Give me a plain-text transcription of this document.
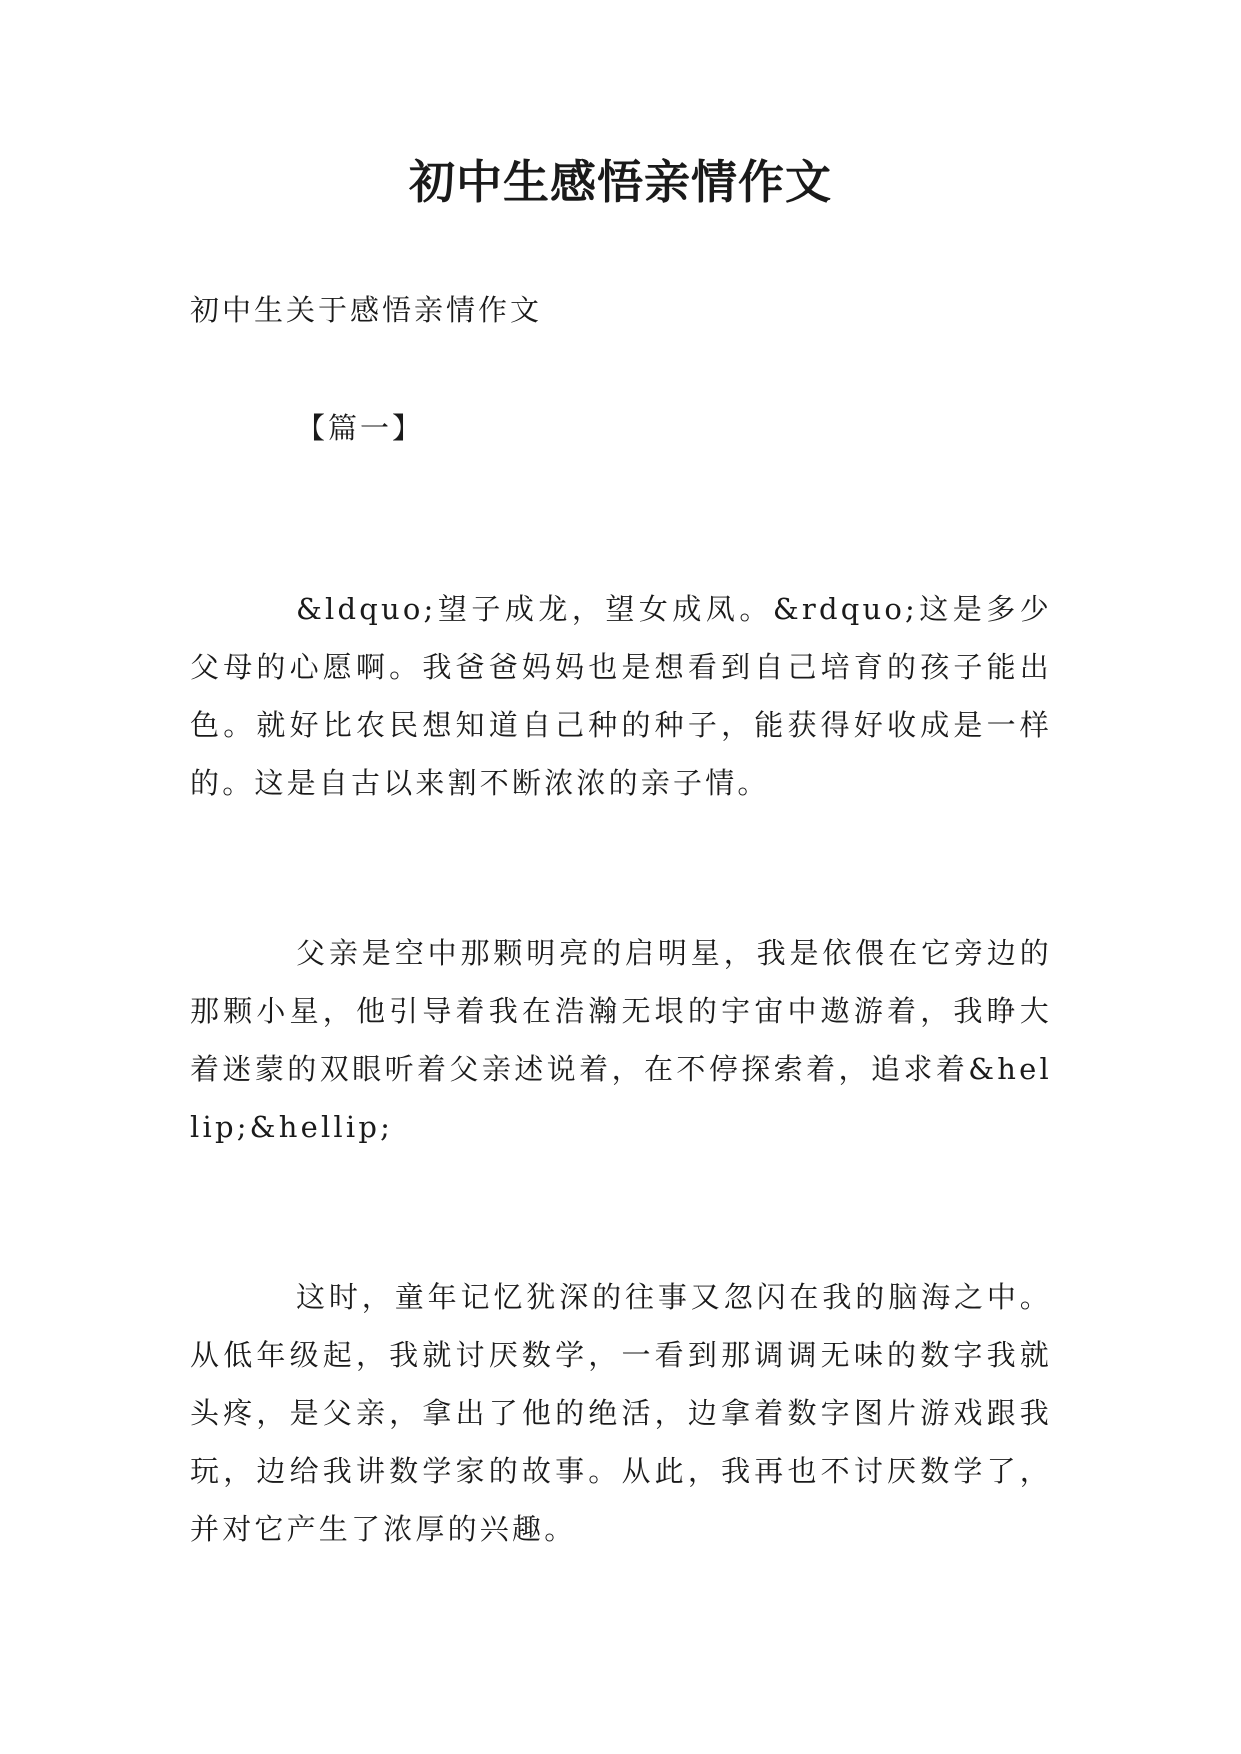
初中生感悟亲情作文

初中生关于感悟亲情作文

【篇一】

&ldquo;望子成龙，望女成凤。&rdquo;这是多少父母的心愿啊。我爸爸妈妈也是想看到自己培育的孩子能出色。就好比农民想知道自己种的种子，能获得好收成是一样的。这是自古以来割不断浓浓的亲子情。

父亲是空中那颗明亮的启明星，我是依偎在它旁边的那颗小星，他引导着我在浩瀚无垠的宇宙中遨游着，我睁大着迷蒙的双眼听着父亲述说着，在不停探索着，追求着&hellip;&hellip;

这时，童年记忆犹深的往事又忽闪在我的脑海之中。从低年级起，我就讨厌数学，一看到那调调无味的数字我就头疼，是父亲，拿出了他的绝活，边拿着数字图片游戏跟我玩，边给我讲数学家的故事。从此，我再也不讨厌数学了，并对它产生了浓厚的兴趣。
